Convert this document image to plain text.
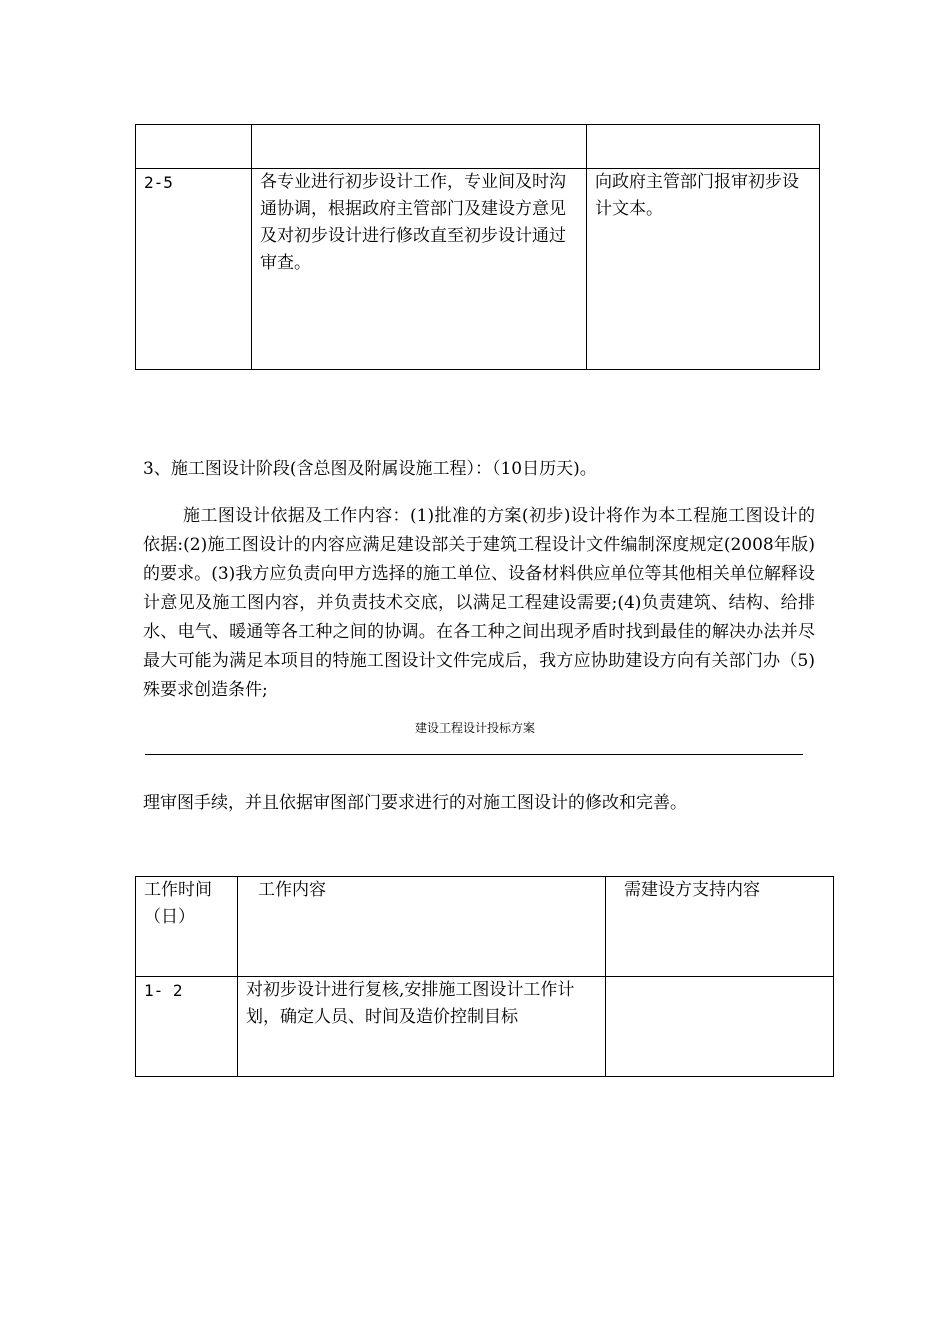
2-5	各专业进行初步设计工作，专业间及时沟通协调，根据政府主管部门及建设方意见及对初步设计进行修改直至初步设计通过审查。	向政府主管部门报审初步设计文本。

3、施工图设计阶段(含总图及附属设施工程）：（10日历天)。

施工图设计依据及工作内容：(1)批准的方案(初步)设计将作为本工程施工图设计的依据:(2)施工图设计的内容应满足建设部关于建筑工程设计文件编制深度规定(2008年版)的要求。(3)我方应负责向甲方选择的施工单位、设备材料供应单位等其他相关单位解释设计意见及施工图内容，并负责技术交底，以满足工程建设需要;(4)负责建筑、结构、给排水、电气、暖通等各工种之间的协调。在各工种之间出现矛盾时找到最佳的解决办法并尽最大可能为满足本项目的特施工图设计文件完成后，我方应协助建设方向有关部门办（5)殊要求创造条件;

建设工程设计投标方案

理审图手续，并且依据审图部门要求进行的对施工图设计的修改和完善。

工作时间（日）	工作内容	需建设方支持内容
1- 2	对初步设计进行复核,安排施工图设计工作计划，确定人员、时间及造价控制目标	
